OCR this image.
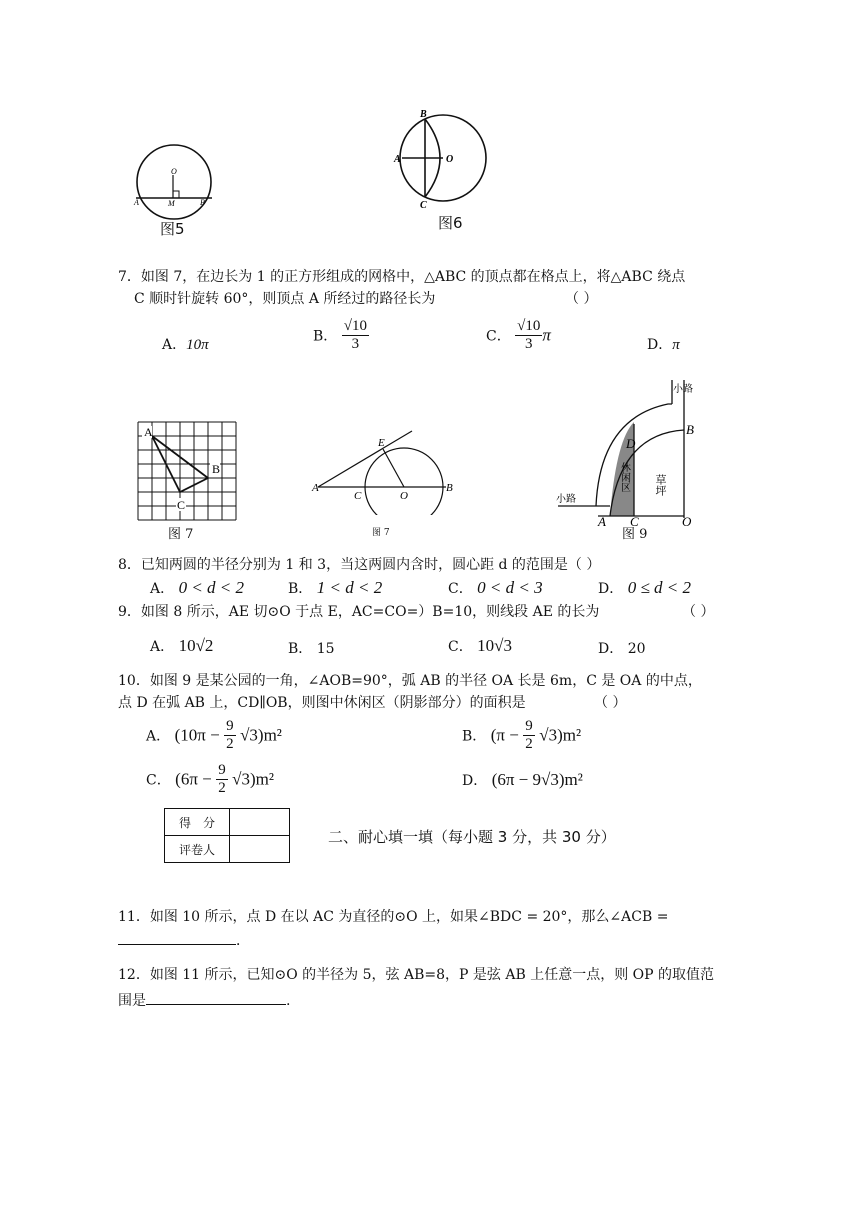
O
A	M	B
图5
B
A	O
C
图6
7．如图 7，在边长为 1 的正方形组成的网格中，△ABC 的顶点都在格点上，将△ABC 绕点
C 顺时针旋转 60°，则顶点 A 所经过的路径长为	（ ）
A．10π
B． $\frac{√10}{3}$	C． $\frac{√10}{3}$ π
D．π
A
B
C
图 7
E
A
C	O
B
图 7
小路
小路
D
B
休闲区 草坪
A C	O
图 9
8．已知两圆的半径分别为 1 和 3，当这两圆内含时，圆心距 d 的范围是（ ）
A． 0 < d < 2	B． 1 < d < 2	C． 0 < d < 3	D． 0 ≤ d < 2
9．如图 8 所示，AE 切⊙O 于点 E，AC=CO=）B=10，则线段 AE 的长为	（ ）
A． 10√2	B． 15	C． 10√3	D． 20
10．如图 9 是某公园的一角，∠AOB=90°，弧 AB 的半径 OA 长是 6m，C 是 OA 的中点，
点 D 在弧 AB 上，CD∥OB，则图中休闲区（阴影部分）的面积是	（ ）
A． $(10\pi - \frac{9}{2} √3)m^2$	B． $(\pi - \frac{9}{2} √3)m^2$
C． $(6\pi - \frac{9}{2} √3)m^2$	D． (6π − 9√3)m²
得　分	
评卷人	
二、耐心填一填（每小题 3 分，共 30 分）
11．如图 10 所示，点 D 在以 AC 为直径的⊙O 上，如果∠BDC = 20°，那么∠ACB =
．
12．如图 11 所示，已知⊙O 的半径为 5，弦 AB=8，P 是弦 AB 上任意一点，则 OP 的取值范
围是	.
